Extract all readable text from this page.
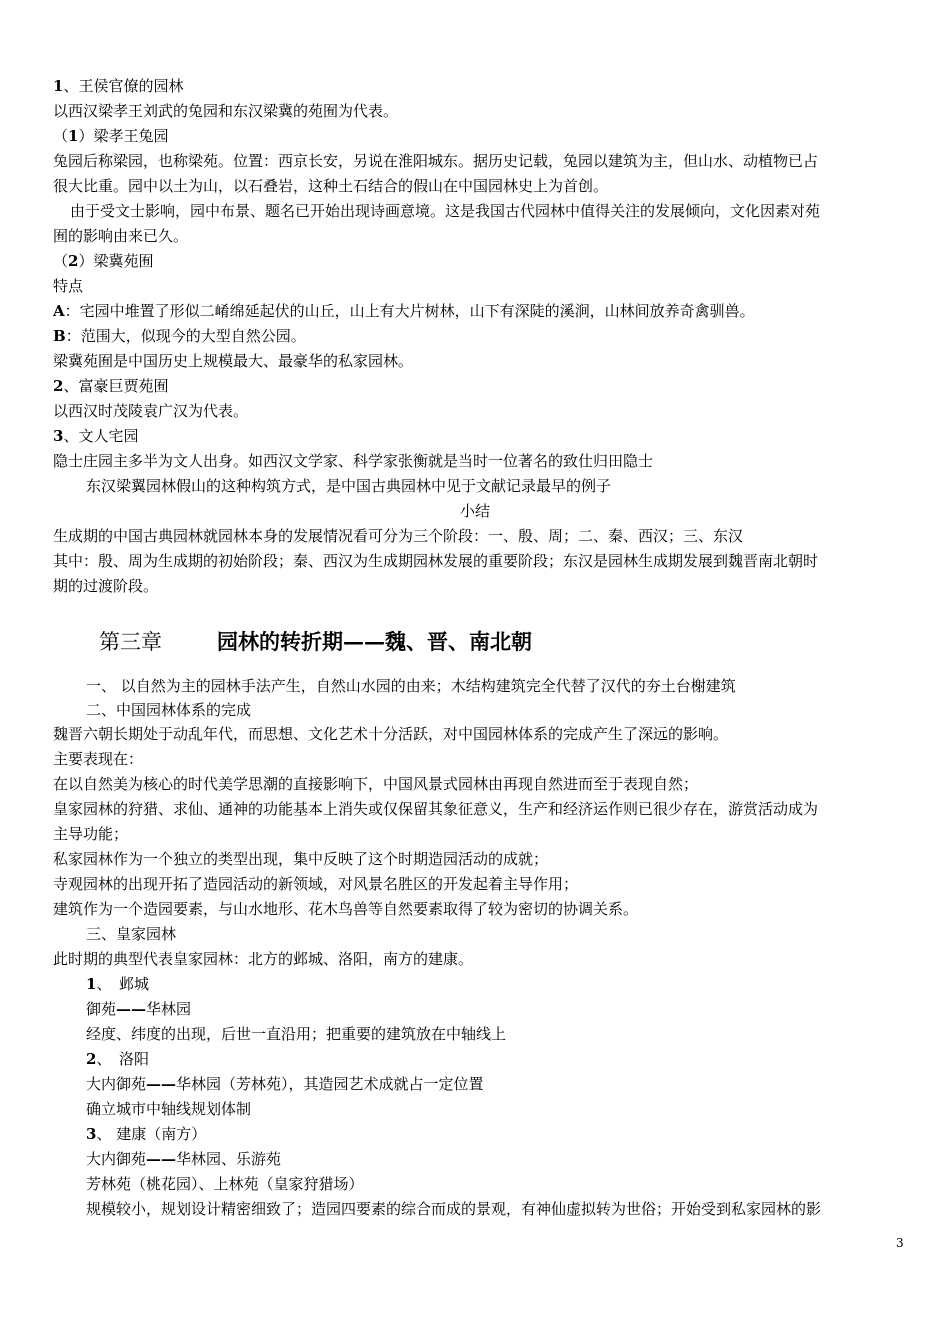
1、王侯官僚的园林
以西汉梁孝王刘武的兔园和东汉梁冀的苑囿为代表。
（1）梁孝王兔园
兔园后称梁园，也称梁苑。位置：西京长安，另说在淮阳城东。据历史记载，兔园以建筑为主，但山水、动植物已占
很大比重。园中以土为山，以石叠岩，这种土石结合的假山在中国园林史上为首创。
由于受文士影响，园中布景、题名已开始出现诗画意境。这是我国古代园林中值得关注的发展倾向，文化因素对苑
囿的影响由来已久。
（2）梁冀苑囿
特点
A：宅园中堆置了形似二崤绵延起伏的山丘，山上有大片树林，山下有深陡的溪涧，山林间放养奇禽驯兽。
B：范围大，似现今的大型自然公园。
梁冀苑囿是中国历史上规模最大、最豪华的私家园林。
2、富豪巨贾苑囿
以西汉时茂陵袁广汉为代表。
3、文人宅园
隐士庄园主多半为文人出身。如西汉文学家、科学家张衡就是当时一位著名的致仕归田隐士
东汉梁翼园林假山的这种构筑方式，是中国古典园林中见于文献记录最早的例子
小结
生成期的中国古典园林就园林本身的发展情况看可分为三个阶段：一、殷、周；二、秦、西汉；三、东汉
其中：殷、周为生成期的初始阶段；秦、西汉为生成期园林发展的重要阶段；东汉是园林生成期发展到魏晋南北朝时
期的过渡阶段。
第三章	园林的转折期——魏、晋、南北朝
一、 以自然为主的园林手法产生，自然山水园的由来；木结构建筑完全代替了汉代的夯土台榭建筑
二、中国园林体系的完成
魏晋六朝长期处于动乱年代，而思想、文化艺术十分活跃，对中国园林体系的完成产生了深远的影响。
主要表现在：
在以自然美为核心的时代美学思潮的直接影响下，中国风景式园林由再现自然进而至于表现自然；
皇家园林的狩猎、求仙、通神的功能基本上消失或仅保留其象征意义，生产和经济运作则已很少存在，游赏活动成为
主导功能；
私家园林作为一个独立的类型出现，集中反映了这个时期造园活动的成就；
寺观园林的出现开拓了造园活动的新领域，对风景名胜区的开发起着主导作用；
建筑作为一个造园要素，与山水地形、花木鸟兽等自然要素取得了较为密切的协调关系。
三、皇家园林
此时期的典型代表皇家园林：北方的邺城、洛阳，南方的建康。
1、　邺城
御苑——华林园
经度、纬度的出现，后世一直沿用；把重要的建筑放在中轴线上
2、　洛阳
大内御苑——华林园（芳林苑），其造园艺术成就占一定位置
确立城市中轴线规划体制
3、 建康（南方）
大内御苑——华林园、乐游苑
芳林苑（桃花园）、上林苑（皇家狩猎场）
规模较小，规划设计精密细致了；造园四要素的综合而成的景观，有神仙虚拟转为世俗；开始受到私家园林的影
3
